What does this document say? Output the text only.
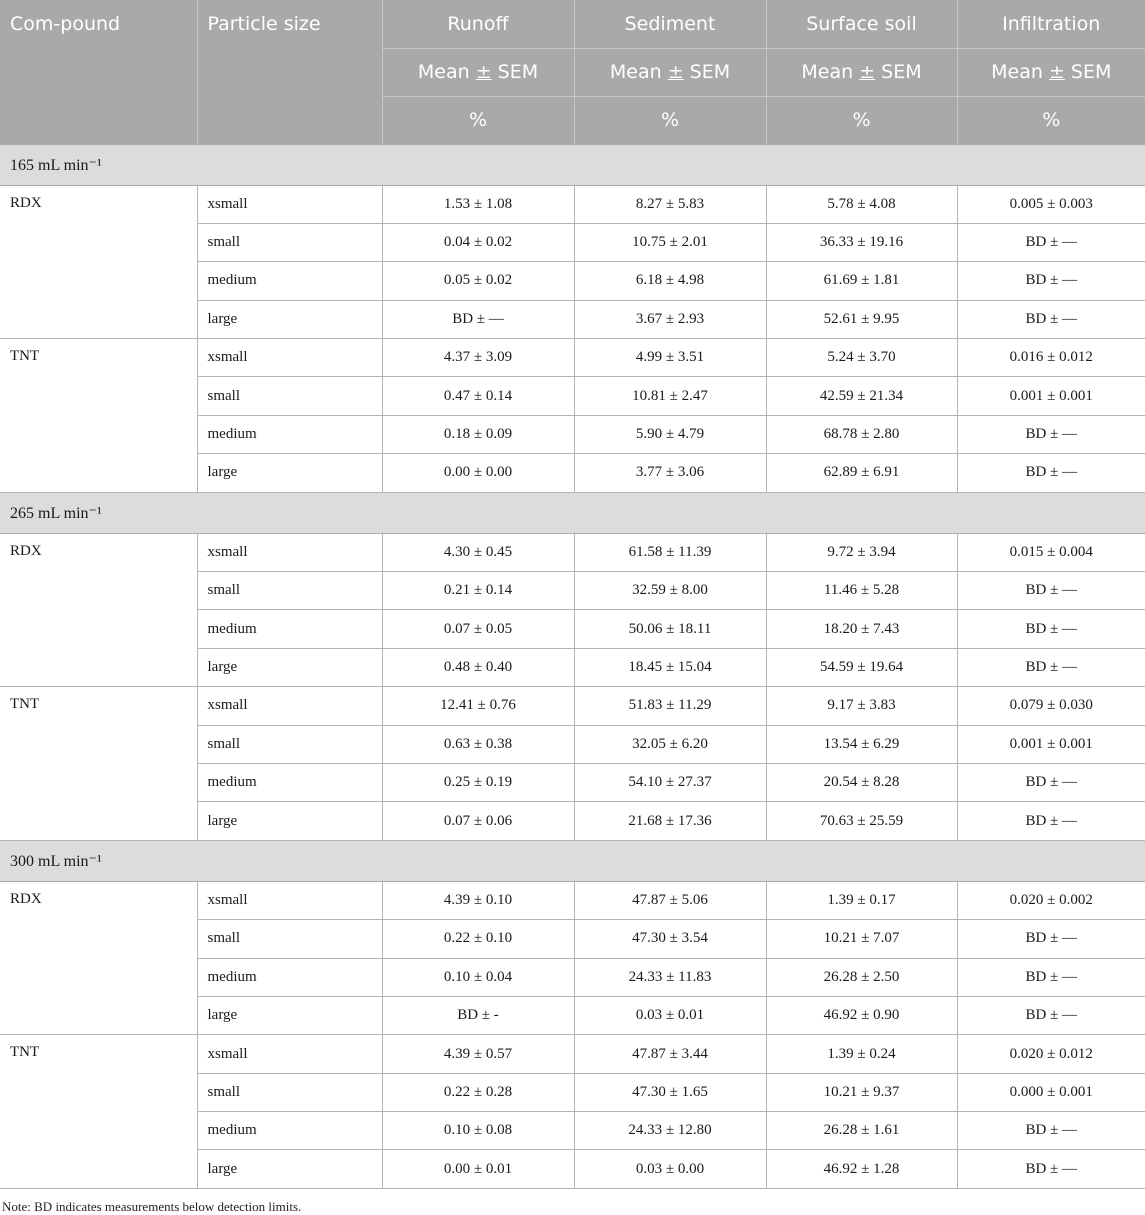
Com-pound	Particle size	Runoff	Sediment	Surface soil	Infiltration
		Mean ± SEM	Mean ± SEM	Mean ± SEM	Mean ± SEM
		%	%	%	%
165 mL min⁻¹					
RDX	xsmall	1.53 ± 1.08	8.27 ± 5.83	5.78 ± 4.08	0.005 ± 0.003
	small	0.04 ± 0.02	10.75 ± 2.01	36.33 ± 19.16	BD ± —
	medium	0.05 ± 0.02	6.18 ± 4.98	61.69 ± 1.81	BD ± —
	large	BD ± —	3.67 ± 2.93	52.61 ± 9.95	BD ± —
TNT	xsmall	4.37 ± 3.09	4.99 ± 3.51	5.24 ± 3.70	0.016 ± 0.012
	small	0.47 ± 0.14	10.81 ± 2.47	42.59 ± 21.34	0.001 ± 0.001
	medium	0.18 ± 0.09	5.90 ± 4.79	68.78 ± 2.80	BD ± —
	large	0.00 ± 0.00	3.77 ± 3.06	62.89 ± 6.91	BD ± —
265 mL min⁻¹					
RDX	xsmall	4.30 ± 0.45	61.58 ± 11.39	9.72 ± 3.94	0.015 ± 0.004
	small	0.21 ± 0.14	32.59 ± 8.00	11.46 ± 5.28	BD ± —
	medium	0.07 ± 0.05	50.06 ± 18.11	18.20 ± 7.43	BD ± —
	large	0.48 ± 0.40	18.45 ± 15.04	54.59 ± 19.64	BD ± —
TNT	xsmall	12.41 ± 0.76	51.83 ± 11.29	9.17 ± 3.83	0.079 ± 0.030
	small	0.63 ± 0.38	32.05 ± 6.20	13.54 ± 6.29	0.001 ± 0.001
	medium	0.25 ± 0.19	54.10 ± 27.37	20.54 ± 8.28	BD ± —
	large	0.07 ± 0.06	21.68 ± 17.36	70.63 ± 25.59	BD ± —
300 mL min⁻¹					
RDX	xsmall	4.39 ± 0.10	47.87 ± 5.06	1.39 ± 0.17	0.020 ± 0.002
	small	0.22 ± 0.10	47.30 ± 3.54	10.21 ± 7.07	BD ± —
	medium	0.10 ± 0.04	24.33 ± 11.83	26.28 ± 2.50	BD ± —
	large	BD ± -	0.03 ± 0.01	46.92 ± 0.90	BD ± —
TNT	xsmall	4.39 ± 0.57	47.87 ± 3.44	1.39 ± 0.24	0.020 ± 0.012
	small	0.22 ± 0.28	47.30 ± 1.65	10.21 ± 9.37	0.000 ± 0.001
	medium	0.10 ± 0.08	24.33 ± 12.80	26.28 ± 1.61	BD ± —
	large	0.00 ± 0.01	0.03 ± 0.00	46.92 ± 1.28	BD ± —
Note: BD indicates measurements below detection limits.
